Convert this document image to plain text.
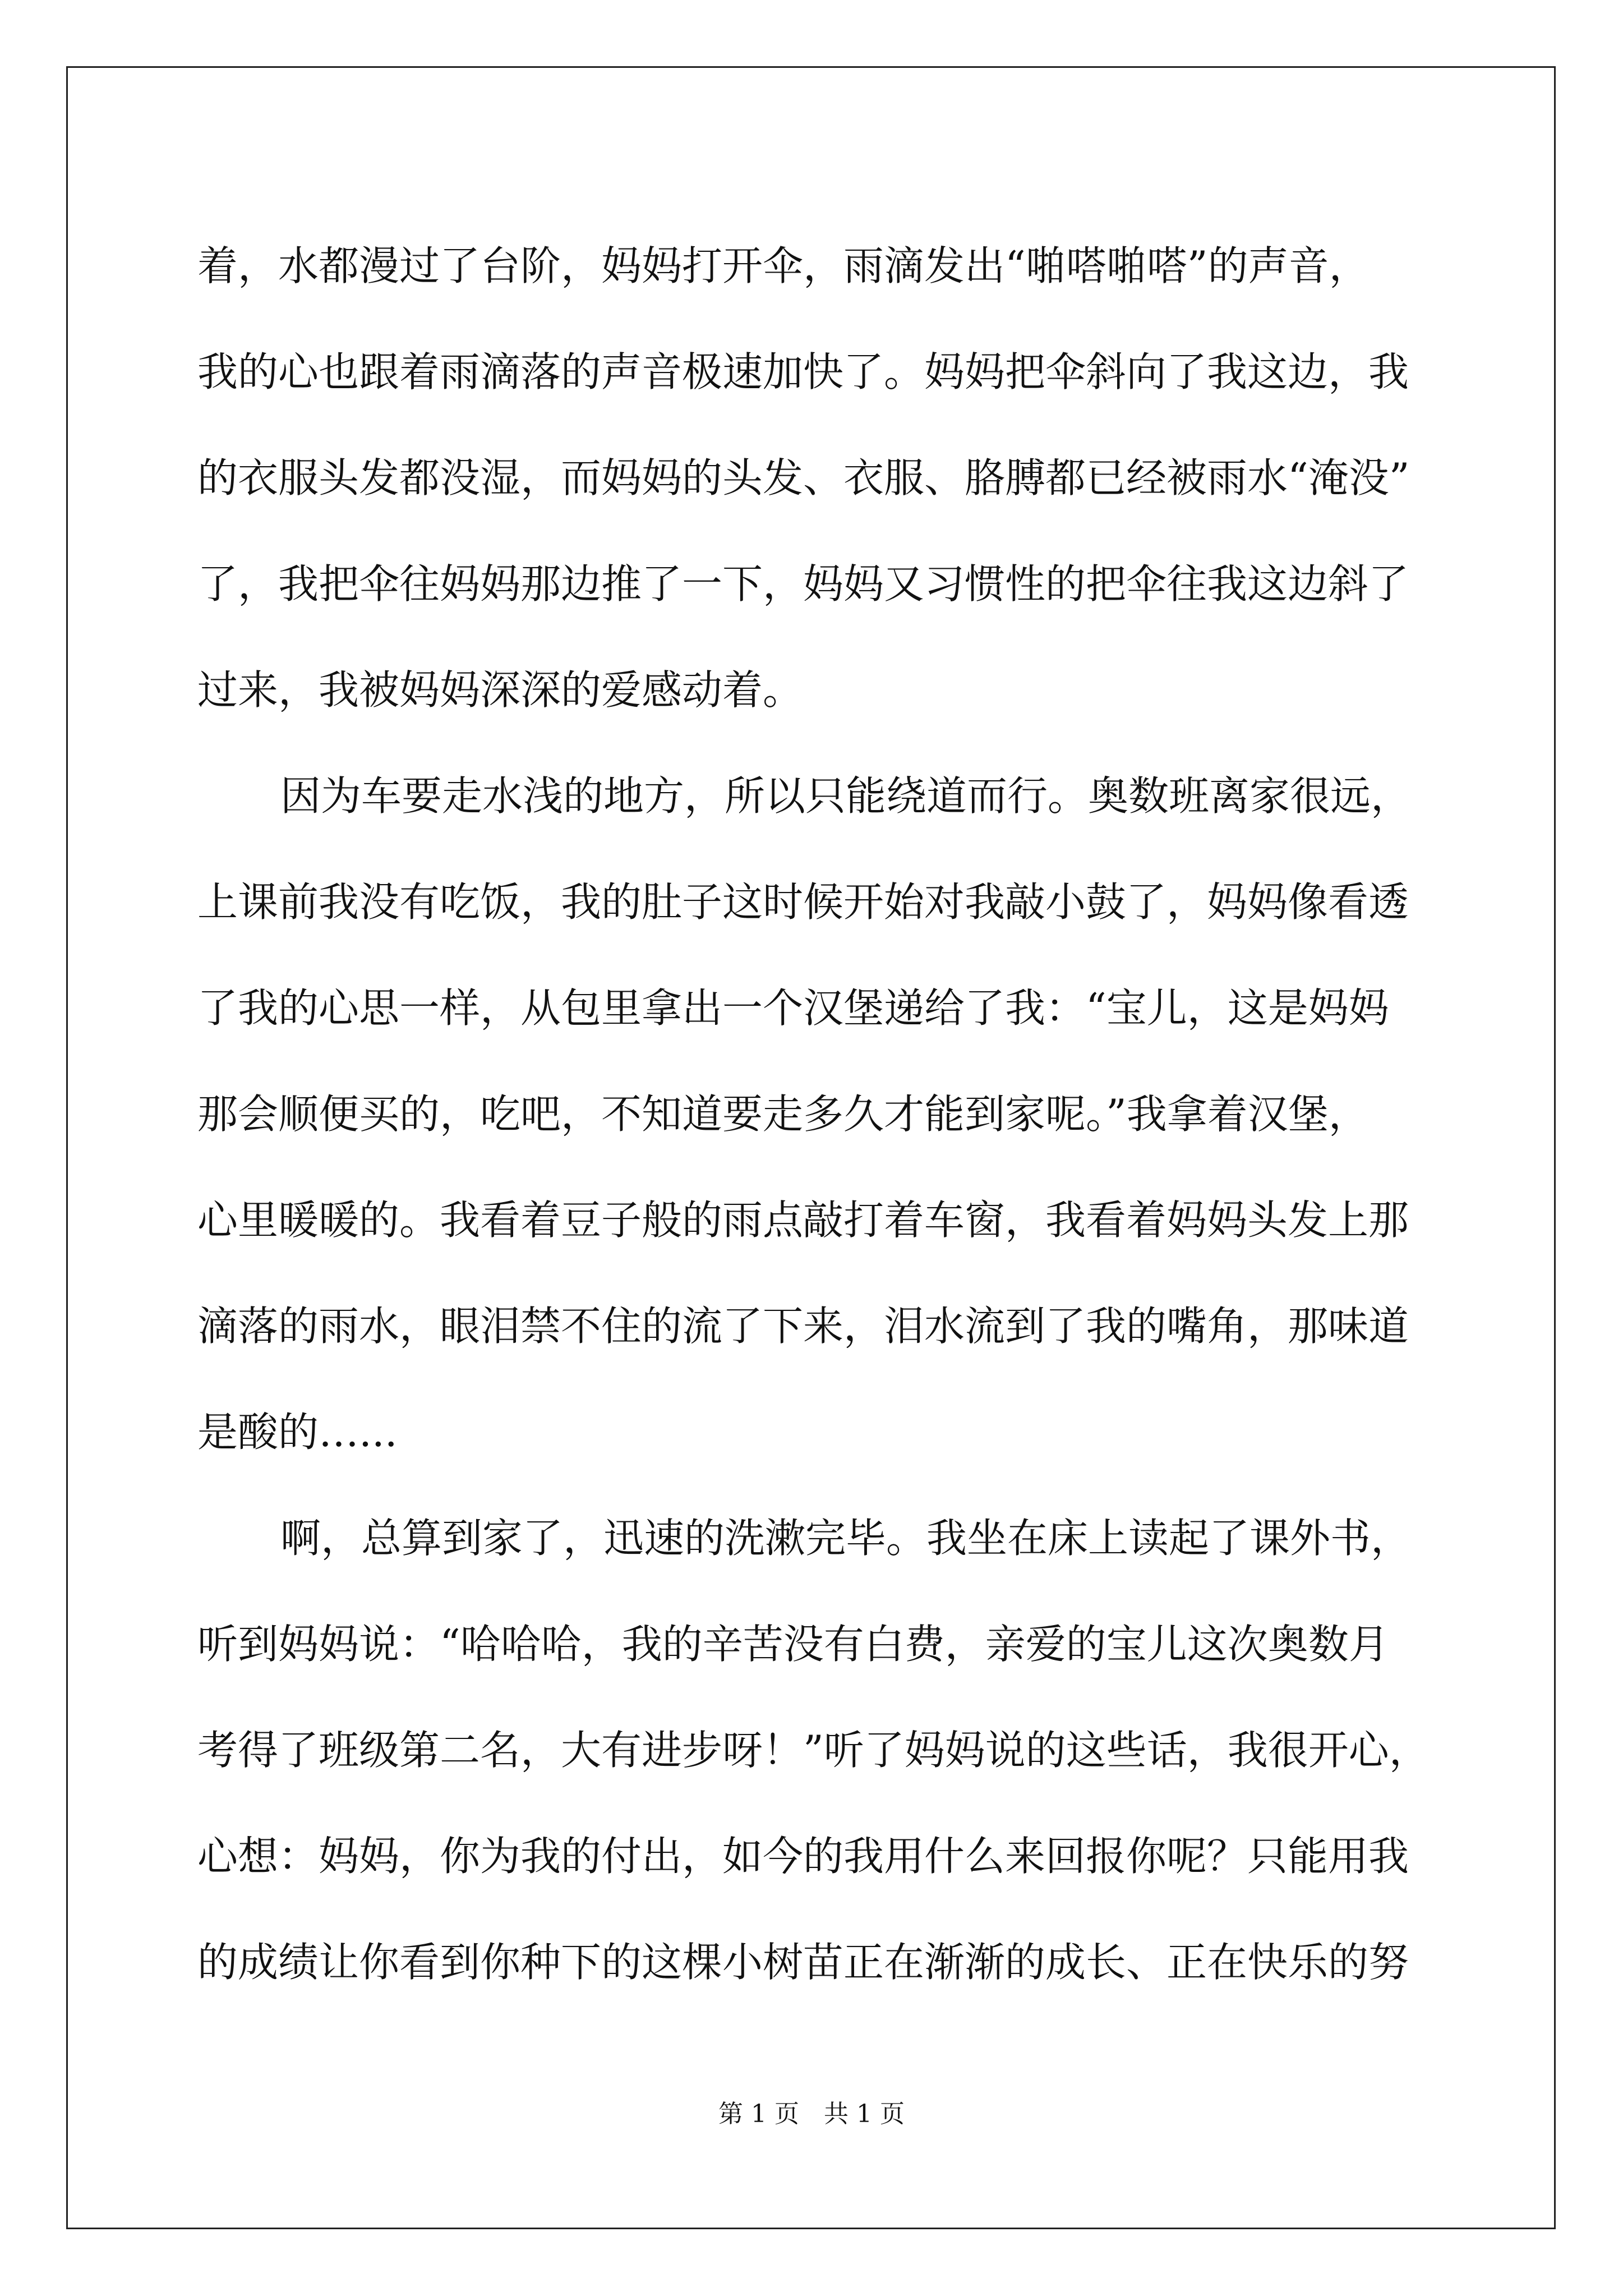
着，水都漫过了台阶，妈妈打开伞，雨滴发出“啪嗒啪嗒”的声音，
我的心也跟着雨滴落的声音极速加快了。妈妈把伞斜向了我这边，我
的衣服头发都没湿，而妈妈的头发、衣服、胳膊都已经被雨水“淹没”
了，我把伞往妈妈那边推了一下，妈妈又习惯性的把伞往我这边斜了
过来，我被妈妈深深的爱感动着。
因为车要走水浅的地方，所以只能绕道而行。奥数班离家很远，
上课前我没有吃饭，我的肚子这时候开始对我敲小鼓了，妈妈像看透
了我的心思一样，从包里拿出一个汉堡递给了我：“宝儿，这是妈妈
那会顺便买的，吃吧，不知道要走多久才能到家呢。”我拿着汉堡，
心里暖暖的。我看着豆子般的雨点敲打着车窗，我看着妈妈头发上那
滴落的雨水，眼泪禁不住的流了下来，泪水流到了我的嘴角，那味道
是酸的…...
啊，总算到家了，迅速的洗漱完毕。我坐在床上读起了课外书，
听到妈妈说：“哈哈哈，我的辛苦没有白费，亲爱的宝儿这次奥数月
考得了班级第二名，大有进步呀！”听了妈妈说的这些话，我很开心，
心想：妈妈，你为我的付出，如今的我用什么来回报你呢？只能用我
的成绩让你看到你种下的这棵小树苗正在渐渐的成长、正在快乐的努
第 1 页　共 1 页
